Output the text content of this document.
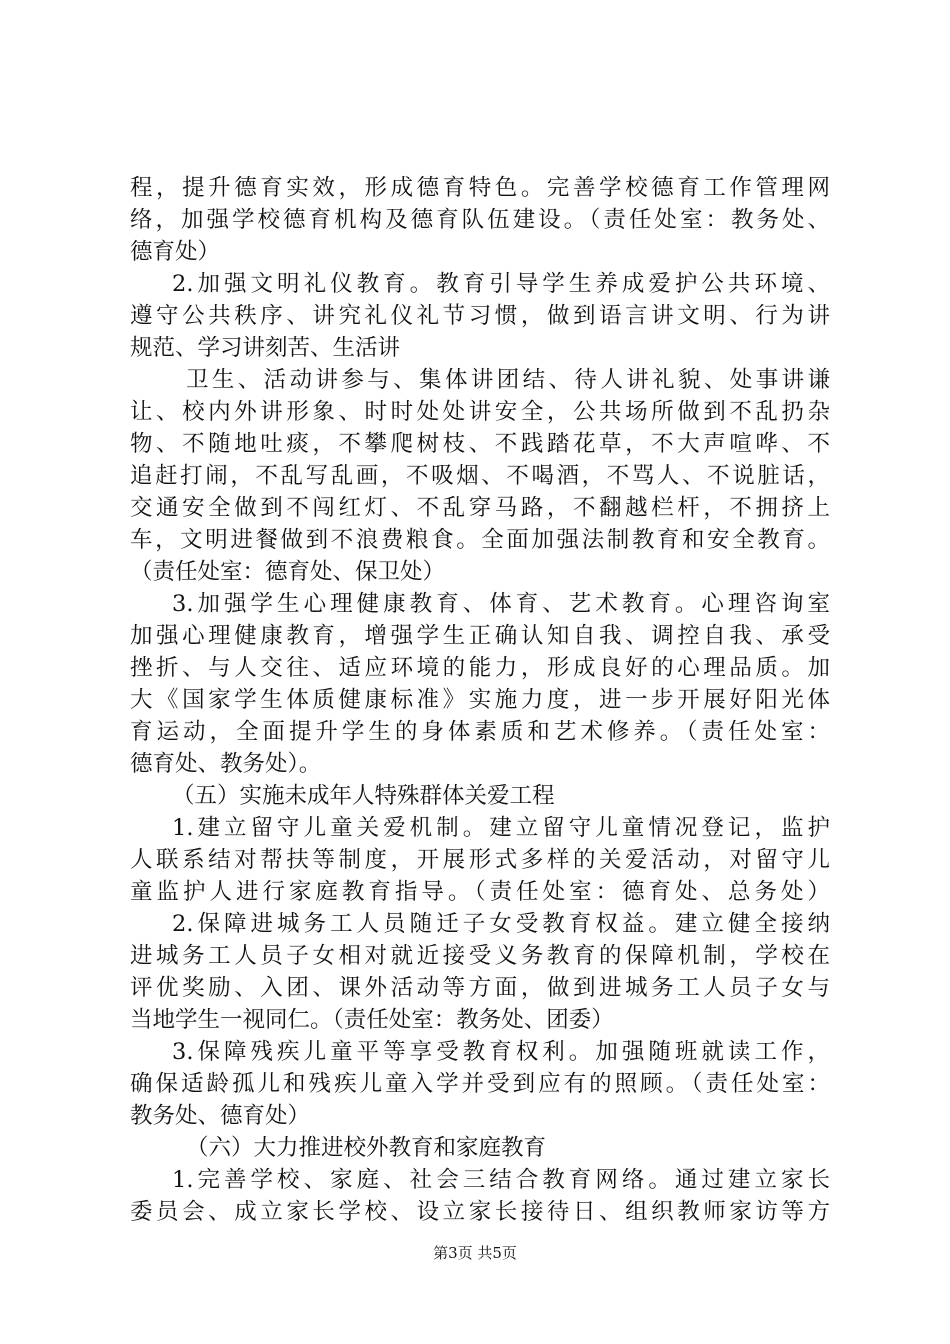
程，提升德育实效，形成德育特色。完善学校德育工作管理网
络，加强学校德育机构及德育队伍建设。（责任处室：教务处、
德育处）
2.加强文明礼仪教育。教育引导学生养成爱护公共环境、
遵守公共秩序、讲究礼仪礼节习惯，做到语言讲文明、行为讲
规范、学习讲刻苦、生活讲
卫生、活动讲参与、集体讲团结、待人讲礼貌、处事讲谦
让、校内外讲形象、时时处处讲安全，公共场所做到不乱扔杂
物、不随地吐痰，不攀爬树枝、不践踏花草，不大声喧哗、不
追赶打闹，不乱写乱画，不吸烟、不喝酒，不骂人、不说脏话，
交通安全做到不闯红灯、不乱穿马路，不翻越栏杆，不拥挤上
车，文明进餐做到不浪费粮食。全面加强法制教育和安全教育。
（责任处室：德育处、保卫处）
3.加强学生心理健康教育、体育、艺术教育。心理咨询室
加强心理健康教育，增强学生正确认知自我、调控自我、承受
挫折、与人交往、适应环境的能力，形成良好的心理品质。加
大《国家学生体质健康标准》实施力度，进一步开展好阳光体
育运动，全面提升学生的身体素质和艺术修养。（责任处室：
德育处、教务处）。
（五）实施未成年人特殊群体关爱工程
1.建立留守儿童关爱机制。建立留守儿童情况登记，监护
人联系结对帮扶等制度，开展形式多样的关爱活动，对留守儿
童监护人进行家庭教育指导。（责任处室：德育处、总务处）
2.保障进城务工人员随迁子女受教育权益。建立健全接纳
进城务工人员子女相对就近接受义务教育的保障机制，学校在
评优奖励、入团、课外活动等方面，做到进城务工人员子女与
当地学生一视同仁。（责任处室：教务处、团委）
3.保障残疾儿童平等享受教育权利。加强随班就读工作，
确保适龄孤儿和残疾儿童入学并受到应有的照顾。（责任处室：
教务处、德育处）
（六）大力推进校外教育和家庭教育
1.完善学校、家庭、社会三结合教育网络。通过建立家长
委员会、成立家长学校、设立家长接待日、组织教师家访等方
第3页 共5页
